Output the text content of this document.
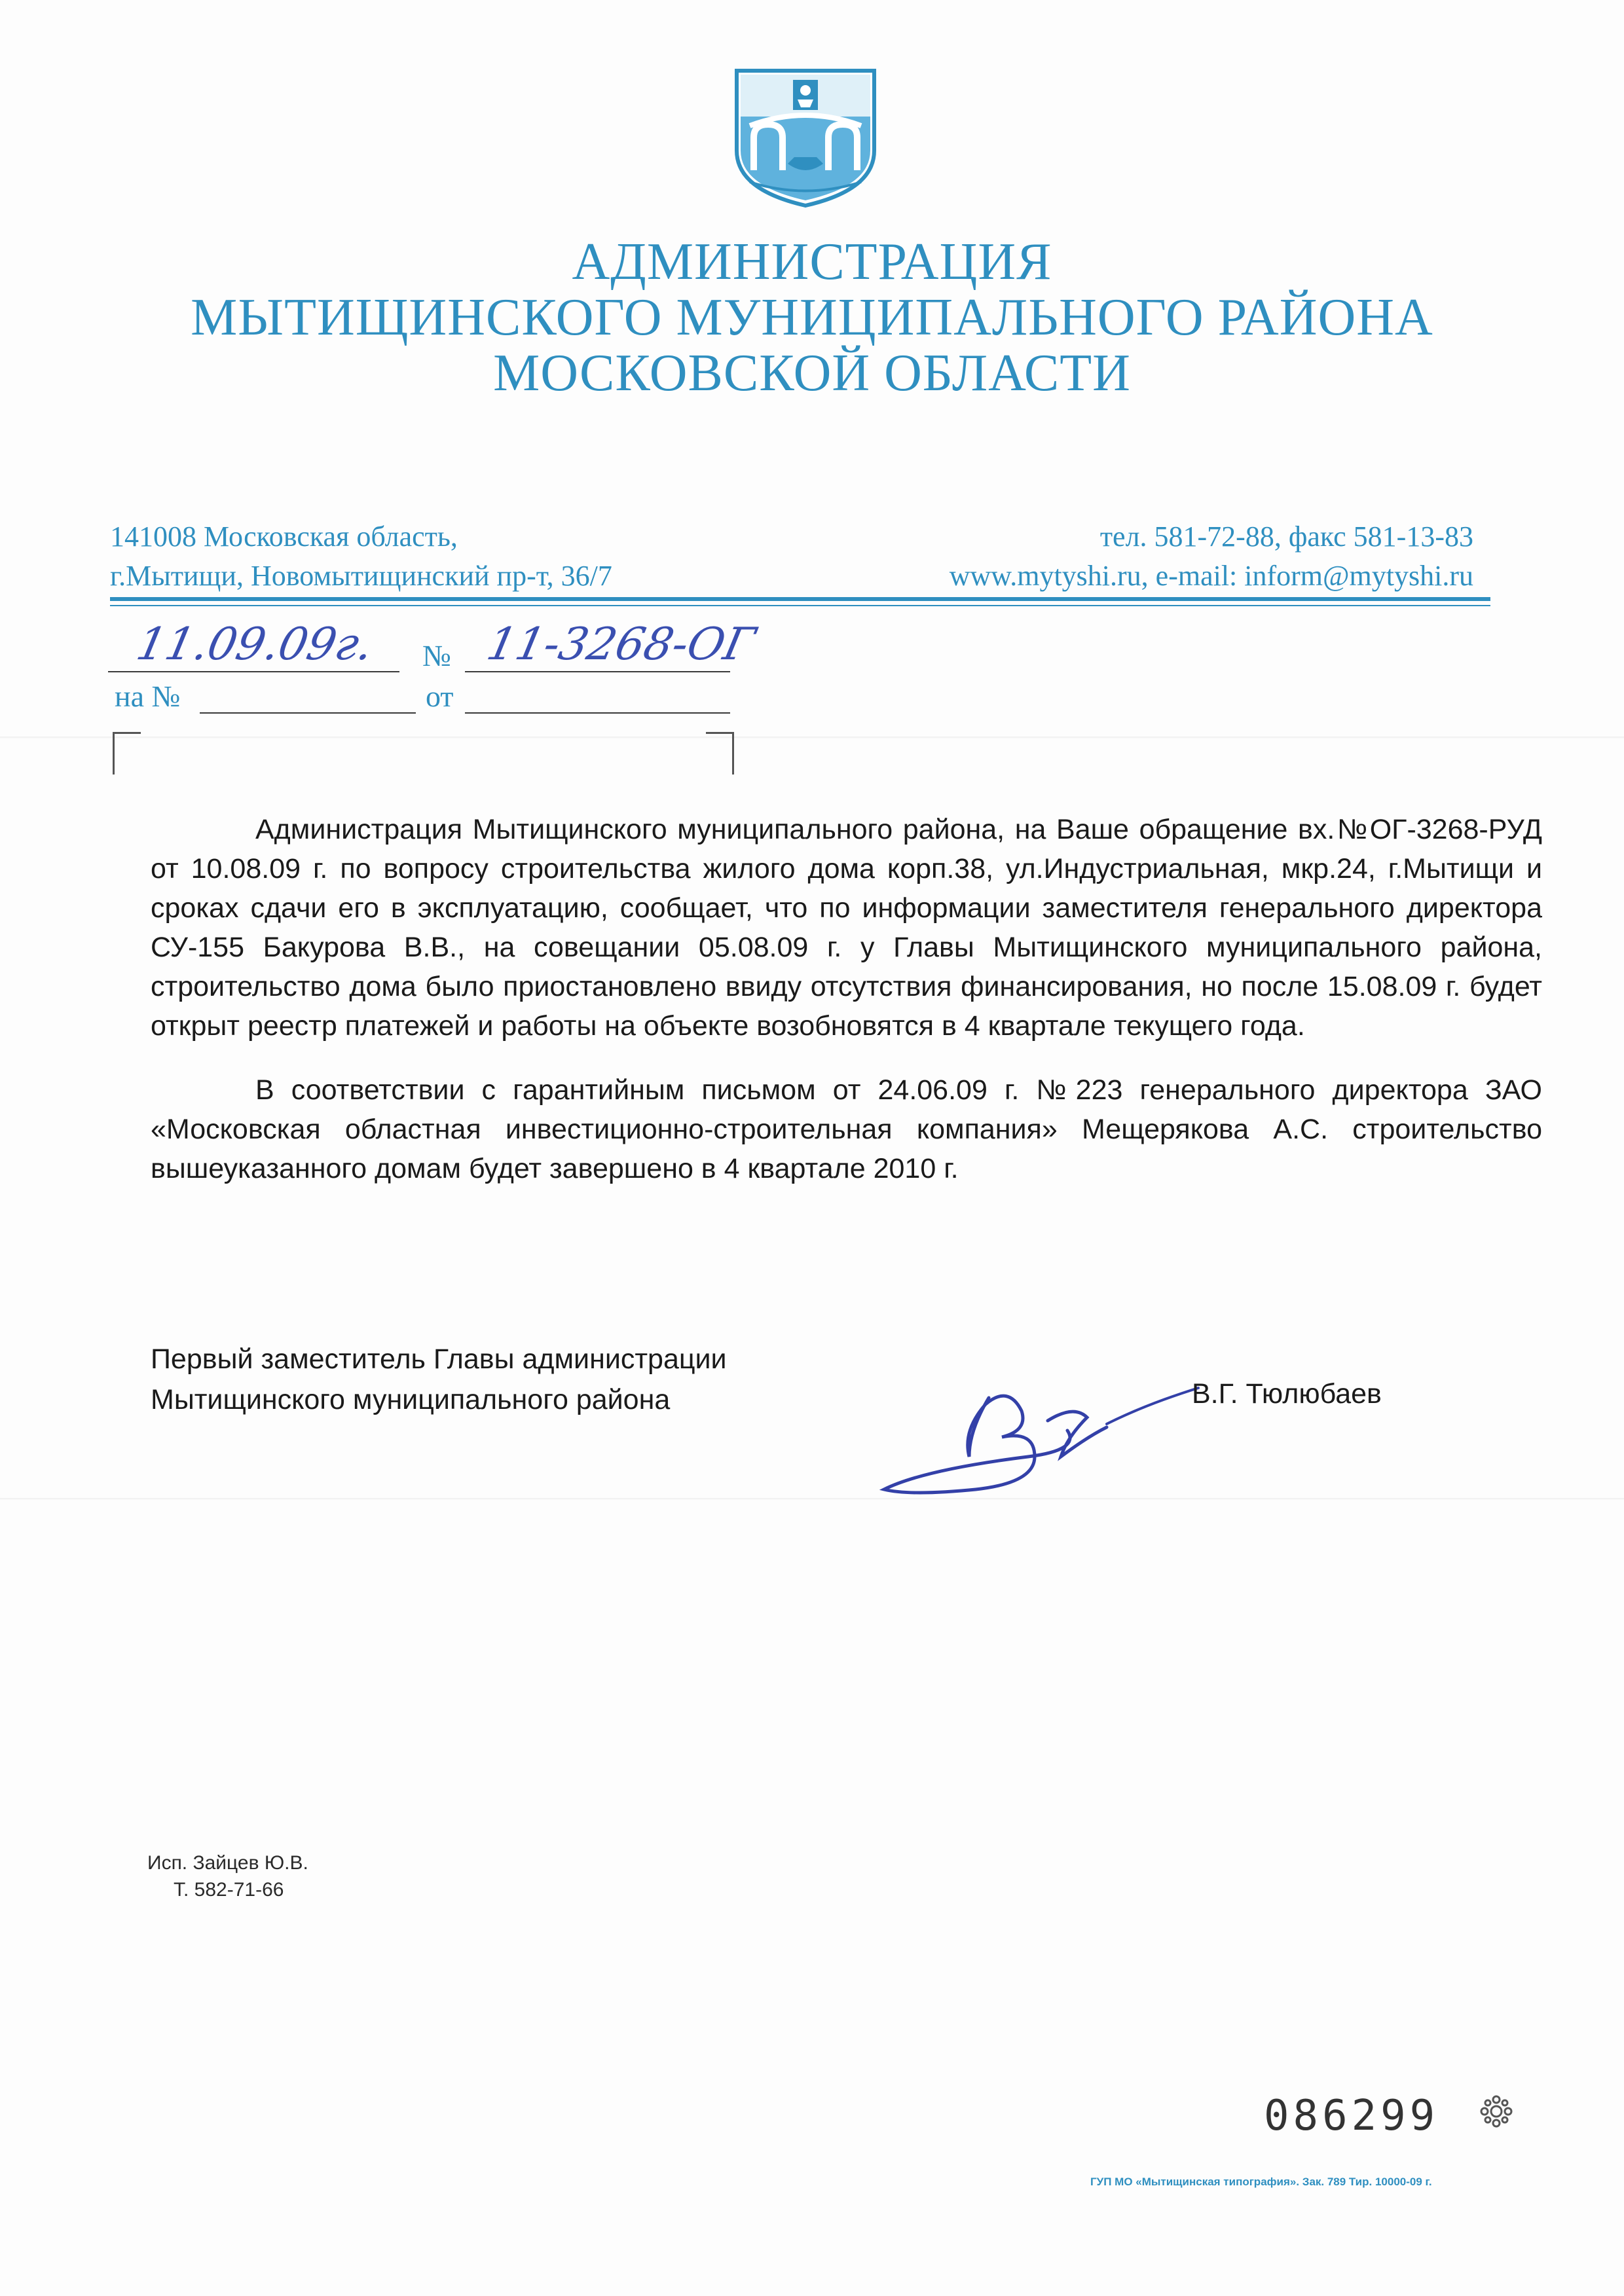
АДМИНИСТРАЦИЯ
МЫТИЩИНСКОГО МУНИЦИПАЛЬНОГО РАЙОНА
МОСКОВСКОЙ ОБЛАСТИ
141008 Московская область,
г.Мытищи, Новомытищинский пр-т, 36/7
тел. 581-72-88, факс 581-13-83
www.mytyshi.ru, e-mail: inform@mytyshi.ru
11.09.09г. № 11-3268-ОГ
на №	от
Администрация Мытищинского муниципального района, на Ваше обращение вх.№ОГ-3268-РУД от 10.08.09 г. по вопросу строительства жилого дома корп.38, ул.Индустриальная, мкр.24, г.Мытищи и сроках сдачи его в эксплуатацию, сообщает, что по информации заместителя генерального директора СУ-155 Бакурова В.В., на совещании 05.08.09 г. у Главы Мытищинского муниципального района, строительство дома было приостановлено ввиду отсутствия финансирования, но после 15.08.09 г. будет открыт реестр платежей и работы на объекте возобновятся в 4 квартале текущего года.
В соответствии с гарантийным письмом от 24.06.09 г. №223 генерального директора ЗАО «Московская областная инвестиционно-строительная компания» Мещерякова А.С. строительство вышеуказанного домам будет завершено в 4 квартале 2010 г.
Первый заместитель Главы администрации
Мытищинского муниципального района	В.Г. Тюлюбаев
Исп. Зайцев Ю.В.
Т. 582-71-66
086299
ГУП МО «Мытищинская типография». Зак. 789 Тир. 10000-09 г.
